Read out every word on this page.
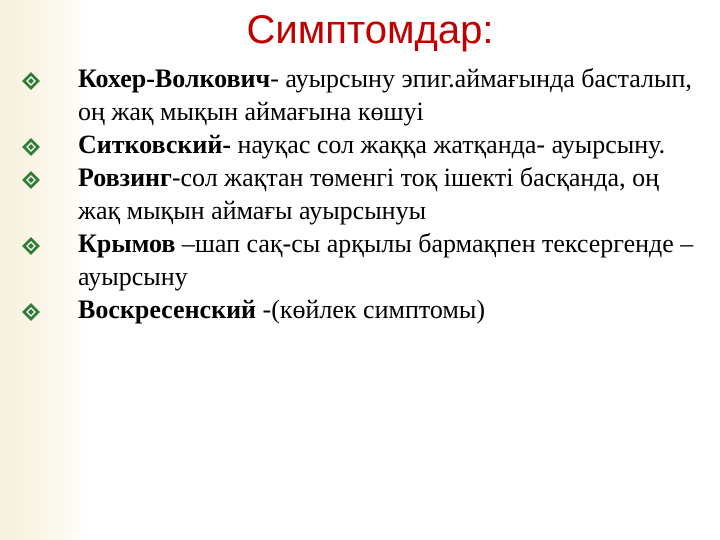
Симптомдар:
Кохер-Волкович- ауырсыну эпиг.аймағында басталып, оң жақ мықын аймағына көшуі
Ситковский- науқас сол жаққа жатқанда- ауырсыну.
Ровзинг-сол жақтан төменгі тоқ ішекті басқанда, оң жақ мықын аймағы ауырсынуы
Крымов –шап сақ-сы арқылы бармақпен тексергенде – ауырсыну
Воскресенский -(көйлек симптомы)
